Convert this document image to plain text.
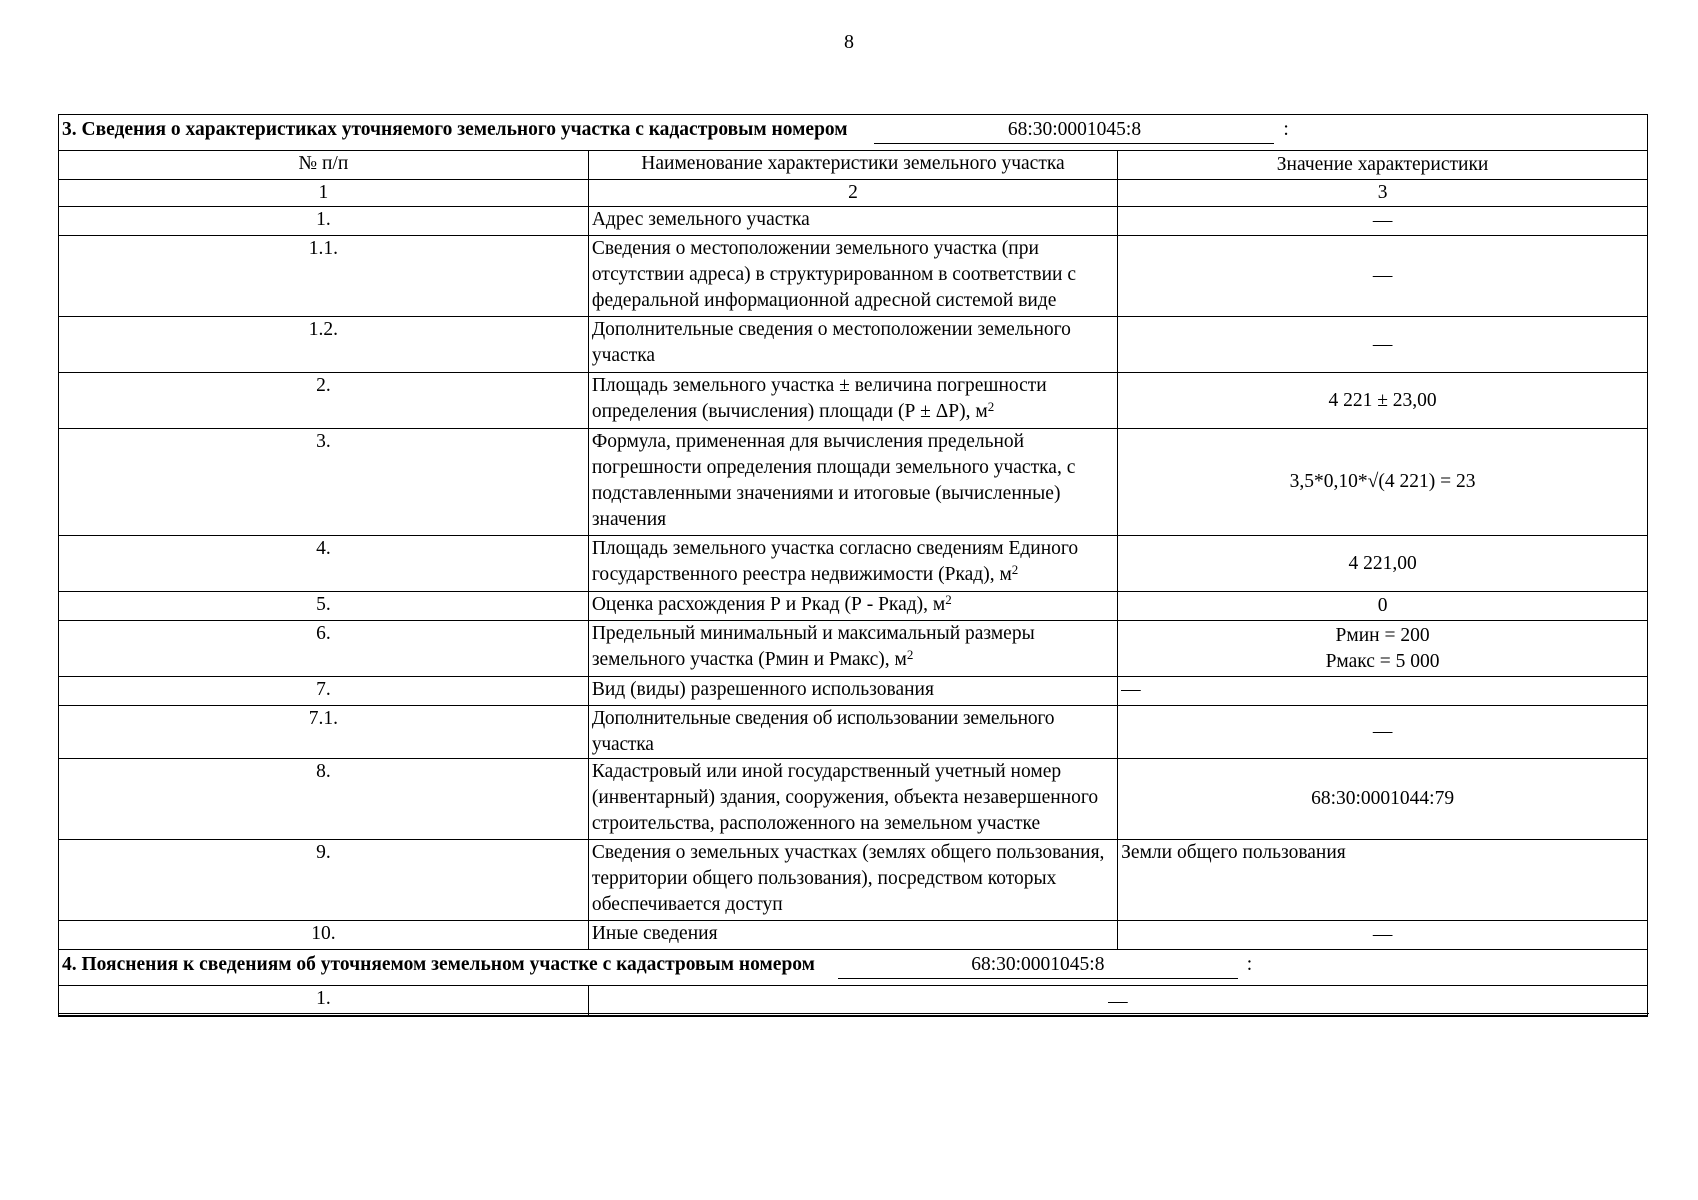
8
3. Сведения о характеристиках уточняемого земельного участка с кадастровым номером 68:30:0001045:8 :		
№ п/п	Наименование характеристики земельного участка	Значение характеристики
1	2	3
1.	Адрес земельного участка	—
1.1.	Сведения о местоположении земельного участка (при отсутствии адреса) в структурированном в соответствии с федеральной информационной адресной системой виде	—
1.2.	Дополнительные сведения о местоположении земельного участка	—
2.	Площадь земельного участка ± величина погрешности определения (вычисления) площади (Р ± ΔР), $м^2$	4 221 ± 23,00
3.	Формула, примененная для вычисления предельной погрешности определения площади земельного участка, с подставленными значениями и итоговые (вычисленные) значения	3,5*0,10*√(4 221) = 23
4.	Площадь земельного участка согласно сведениям Единого государственного реестра недвижимости (Ркад), $м^2$	4 221,00
5.	Оценка расхождения Р и Ркад (Р - Ркад), $м^2$	0
6.	Предельный минимальный и максимальный размеры земельного участка (Рмин и Рмакс), $м^2$	Рмин = 200
Рмакс = 5 000

7.	Вид (виды) разрешенного использования	—
7.1.	Дополнительные сведения об использовании земельного участка	—
8.	Кадастровый или иной государственный учетный номер (инвентарный) здания, сооружения, объекта незавершенного строительства, расположенного на земельном участке	68:30:0001044:79
9.	Сведения о земельных участках (землях общего пользования, территории общего пользования), посредством которых обеспечивается доступ	Земли общего пользования
10.	Иные сведения	—
4. Пояснения к сведениям об уточняемом земельном участке с кадастровым номером 68:30:0001045:8 :		
1.	—	
